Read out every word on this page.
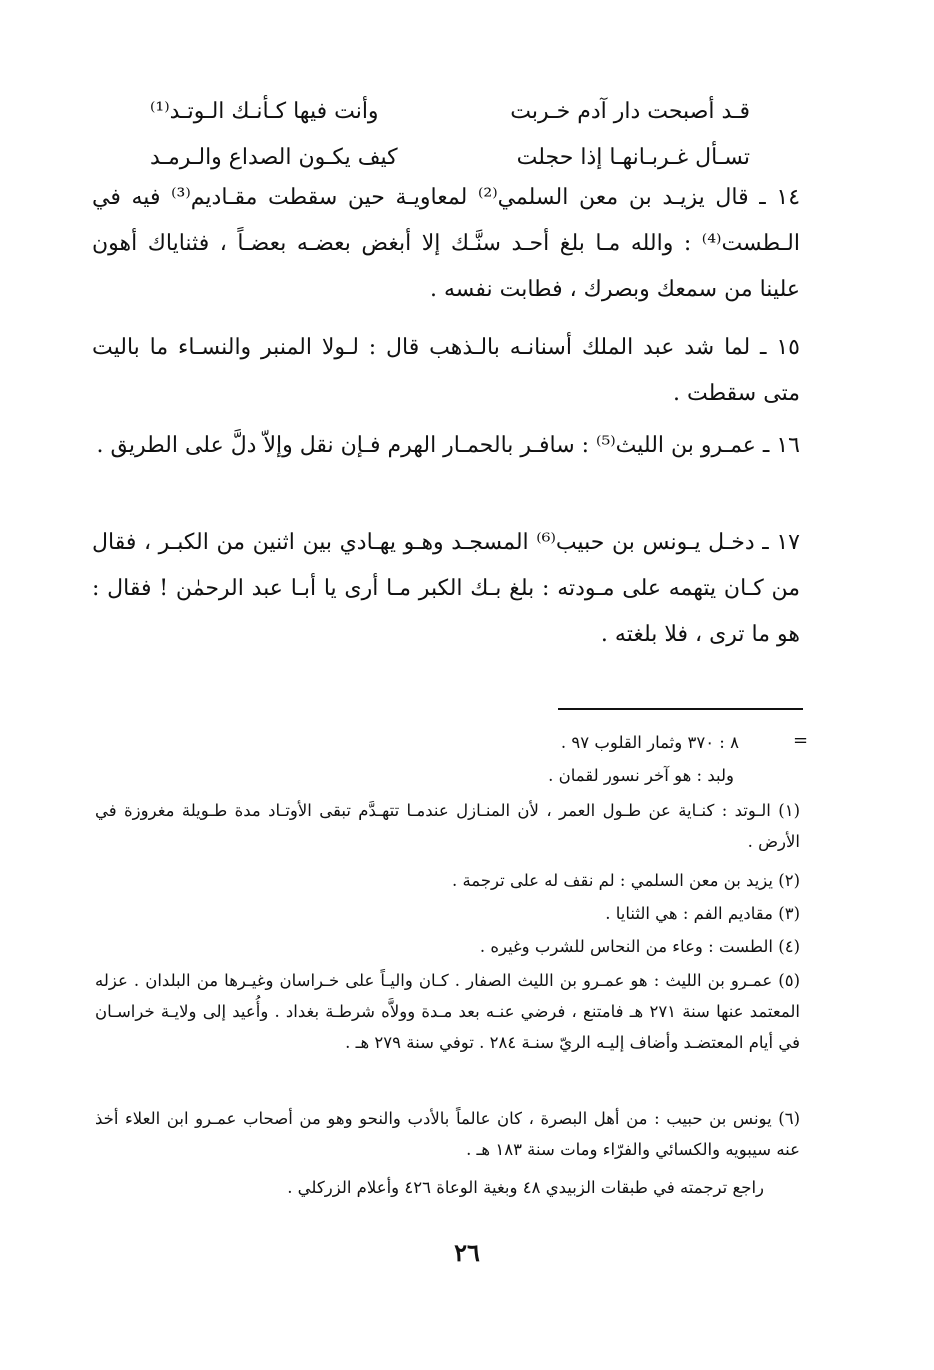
قـد أصبحت دار آدم خـربت
وأنت فيها كـأنـك الـوتـد⁽¹⁾
تسـأل غـربـانهـا إذا حجلت
كيف يكـون الصداع والـرمـد

١٤ ـ قال يزيـد بن معن السلمي⁽²⁾ لمعاويـة حين سقطت مقـاديم⁽³⁾ فيه في الـطست⁽⁴⁾ : والله مـا بلغ أحـد سنَّـك إلا أبغض بعضـه بعضـاً ، فثناياك أهون علينا من سمعك وبصرك ، فطابت نفسه .

١٥ ـ لما شد عبد الملك أسنانـه بالـذهب قال : لـولا المنبر والنسـاء ما باليت متى سقطت .

١٦ ـ عمـرو بن الليث⁽⁵⁾ : سافـر بالحمـار الهرم فـإن نقل وإلاّ دلَّ على الطريق .

١٧ ـ دخـل يـونس بن حبيب⁽⁶⁾ المسجـد وهـو يهـادي بين اثنين من الكبـر ، فقال من كـان يتهمه على مـودته : بلغ بـك الكبر مـا أرى يا أبـا عبد الرحمٰن ! فقال : هو ما ترى ، فلا بلغته .

=
٨ : ٣٧٠ وثمار القلوب ٩٧ .
ولبد : هو آخر نسور لقمان .

(١) الـوتد : كنـاية عن طـول العمر ، لأن المنـازل عندمـا تتهـدَّم تبقى الأوتـاد مدة طـويلة مغروزة في الأرض .

(٢) يزيد بن معن السلمي : لم نقف له على ترجمة .

(٣) مقاديم الفم : هي الثنايا .

(٤) الطست : وعاء من النحاس للشرب وغيره .

(٥) عمـرو بن الليث : هو عمـرو بن الليث الصفار . كـان واليـاً على خـراسان وغيـرها من البلدان . عزله المعتمد عنها سنة ٢٧١ هـ فامتنع ، فرضي عنـه بعد مـدة وولاَّه شرطـة بغداد . وأُعيد إلى ولايـة خراسـان في أيام المعتضـد وأضاف إليـه الريّ سنـة ٢٨٤ . توفي سنة ٢٧٩ هـ .

(٦) يونس بن حبيب : من أهل البصرة ، كان عالماً بالأدب والنحو وهو من أصحاب عمـرو ابن العلاء أخذ عنه سيبويه والكسائي والفرّاء ومات سنة ١٨٣ هـ .

راجع ترجمته في طبقات الزبيدي ٤٨ وبغية الوعاة ٤٢٦ وأعلام الزركلي .
٢٦
